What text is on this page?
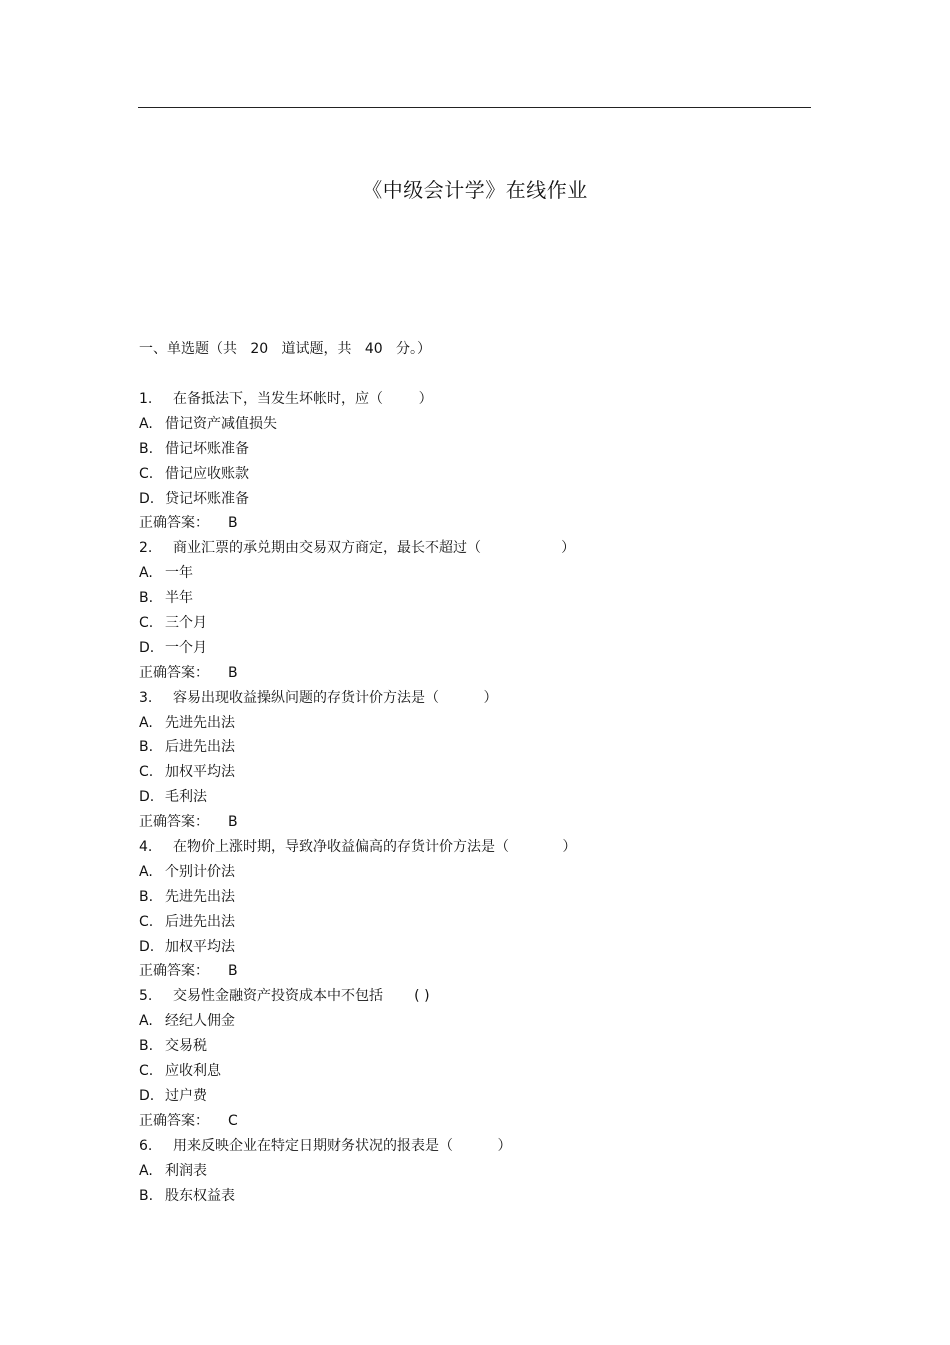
《中级会计学》在线作业
一、单选题（共   20   道试题，共   40   分。）
1. 在备抵法下，当发生坏帐时，应（        ）
A. 借记资产减值损失
B. 借记坏账准备
C. 借记应收账款
D. 贷记坏账准备
正确答案： B
2. 商业汇票的承兑期由交易双方商定，最长不超过（                  ）
A. 一年
B. 半年
C. 三个月
D. 一个月
正确答案： B
3. 容易出现收益操纵问题的存货计价方法是（          ）
A. 先进先出法
B. 后进先出法
C. 加权平均法
D. 毛利法
正确答案： B
4. 在物价上涨时期，导致净收益偏高的存货计价方法是（            ）
A. 个别计价法
B. 先进先出法
C. 后进先出法
D. 加权平均法
正确答案： B
5. 交易性金融资产投资成本中不包括       ( )
A. 经纪人佣金
B. 交易税
C. 应收利息
D. 过户费
正确答案： C
6. 用来反映企业在特定日期财务状况的报表是（          ）
A. 利润表
B. 股东权益表
